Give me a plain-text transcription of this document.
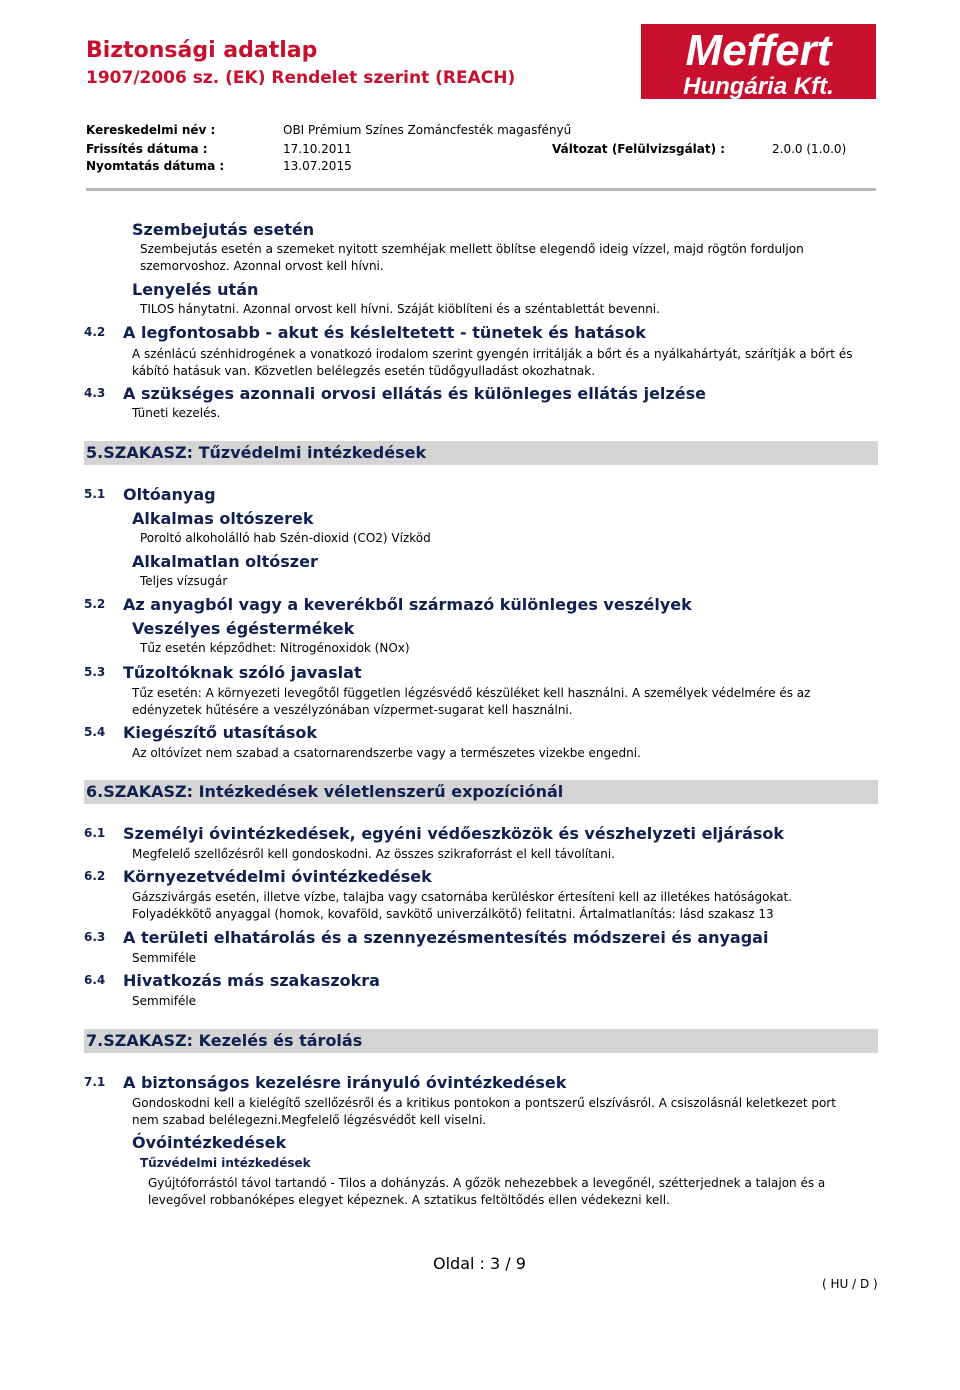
Biztonsági adatlap
1907/2006 sz. (EK) Rendelet szerint (REACH)
Meffert
Hungária Kft.
Kereskedelmi név :	OBI Prémium Színes Zománcfesték magasfényű
Frissítés dátuma :	17.10.2011	Változat (Felülvizsgálat) :	2.0.0 (1.0.0)
Nyomtatás dátuma :	13.07.2015
Szembejutás esetén
Szembejutás esetén a szemeket nyitott szemhéjak mellett öblítse elegendő ideig vízzel, majd rögtön forduljon szemorvoshoz. Azonnal orvost kell hívni.
Lenyelés után
TILOS hánytatni. Azonnal orvost kell hívni. Száját kiöblíteni és a széntablettát bevenni.
4.2 A legfontosabb - akut és késleltetett - tünetek és hatások
A szénlácú szénhidrogének a vonatkozó irodalom szerint gyengén irritálják a bőrt és a nyálkahártyát, szárítják a bőrt és kábító hatásuk van. Közvetlen belélegzés esetén tüdőgyulladást okozhatnak.
4.3 A szükséges azonnali orvosi ellátás és különleges ellátás jelzése
Tüneti kezelés.
5.SZAKASZ: Tűzvédelmi intézkedések
5.1 Oltóanyag
Alkalmas oltószerek
Poroltó alkoholálló hab Szén-dioxid (CO2) Vízköd
Alkalmatlan oltószer
Teljes vízsugár
5.2 Az anyagból vagy a keverékből származó különleges veszélyek
Veszélyes égéstermékek
Tűz esetén képződhet: Nitrogénoxidok (NOx)
5.3 Tűzoltóknak szóló javaslat
Tűz esetén: A környezeti levegőtől független légzésvédő készüléket kell használni. A személyek védelmére és az edényzetek hűtésére a veszélyzónában vízpermet-sugarat kell használni.
5.4 Kiegészítő utasítások
Az oltóvízet nem szabad a csatornarendszerbe vagy a természetes vizekbe engedni.
6.SZAKASZ: Intézkedések véletlenszerű expozíciónál
6.1 Személyi óvintézkedések, egyéni védőeszközök és vészhelyzeti eljárások
Megfelelő szellőzésről kell gondoskodni. Az összes szikraforrást el kell távolítani.
6.2 Környezetvédelmi óvintézkedések
Gázszivárgás esetén, illetve vízbe, talajba vagy csatornába kerüléskor értesíteni kell az illetékes hatóságokat.
Folyadékkötő anyaggal (homok, kovaföld, savkötő univerzálkötő) felitatni. Ártalmatlanítás: lásd szakasz 13
6.3 A területi elhatárolás és a szennyezésmentesítés módszerei és anyagai
Semmiféle
6.4 Hivatkozás más szakaszokra
Semmiféle
7.SZAKASZ: Kezelés és tárolás
7.1 A biztonságos kezelésre irányuló óvintézkedések
Gondoskodni kell a kielégítő szellőzésről és a kritikus pontokon a pontszerű elszívásról. A csiszolásnál keletkezet port nem szabad belélegezni.Megfelelő légzésvédőt kell viselni.
Óvóintézkedések
Tűzvédelmi intézkedések
Gyújtóforrástól távol tartandó - Tilos a dohányzás. A gőzök nehezebbek a levegőnél, szétterjednek a talajon és a levegővel robbanóképes elegyet képeznek. A sztatikus feltöltődés ellen védekezni kell.
Oldal : 3 / 9
( HU / D )
